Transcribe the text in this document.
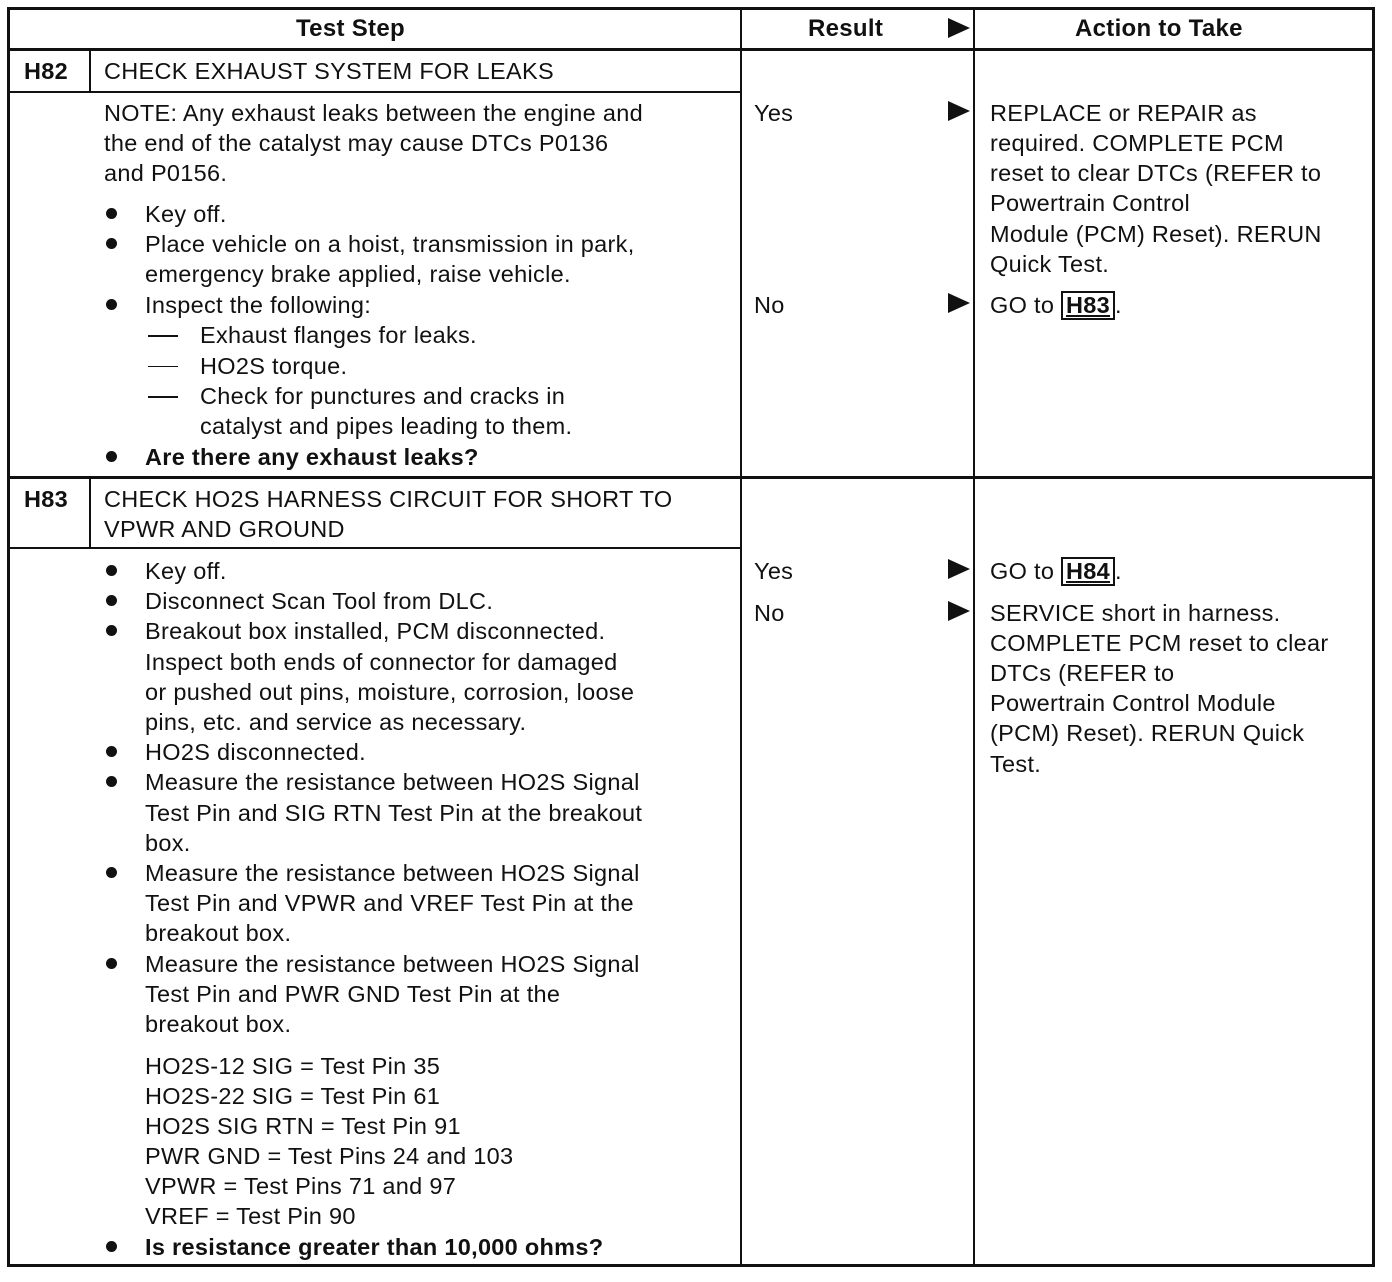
Test Step	Result	Action to Take
H82 CHECK EXHAUST SYSTEM FOR LEAKS
NOTE: Any exhaust leaks between the engine and
the end of the catalyst may cause DTCs P0136
and P0156.
Key off.
Place vehicle on a hoist, transmission in park,
emergency brake applied, raise vehicle.
Inspect the following:
Exhaust flanges for leaks.
HO2S torque.
Check for punctures and cracks in
catalyst and pipes leading to them.
Are there any exhaust leaks?
Yes
No
REPLACE or REPAIR as
required. COMPLETE PCM
reset to clear DTCs (REFER to
Powertrain Control
Module (PCM) Reset). RERUN
Quick Test.
GO to H83 .
H83 CHECK HO2S HARNESS CIRCUIT FOR SHORT TO
VPWR AND GROUND
Key off.
Disconnect Scan Tool from DLC.
Breakout box installed, PCM disconnected.
Inspect both ends of connector for damaged
or pushed out pins, moisture, corrosion, loose
pins, etc. and service as necessary.
HO2S disconnected.
Measure the resistance between HO2S Signal
Test Pin and SIG RTN Test Pin at the breakout
box.
Measure the resistance between HO2S Signal
Test Pin and VPWR and VREF Test Pin at the
breakout box.
Measure the resistance between HO2S Signal
Test Pin and PWR GND Test Pin at the
breakout box.
HO2S-12 SIG = Test Pin 35
HO2S-22 SIG = Test Pin 61
HO2S SIG RTN = Test Pin 91
PWR GND = Test Pins 24 and 103
VPWR = Test Pins 71 and 97
VREF = Test Pin 90
Is resistance greater than 10,000 ohms?
Yes
No
GO to H84 .
SERVICE short in harness.
COMPLETE PCM reset to clear
DTCs (REFER to
Powertrain Control Module
(PCM) Reset). RERUN Quick
Test.
